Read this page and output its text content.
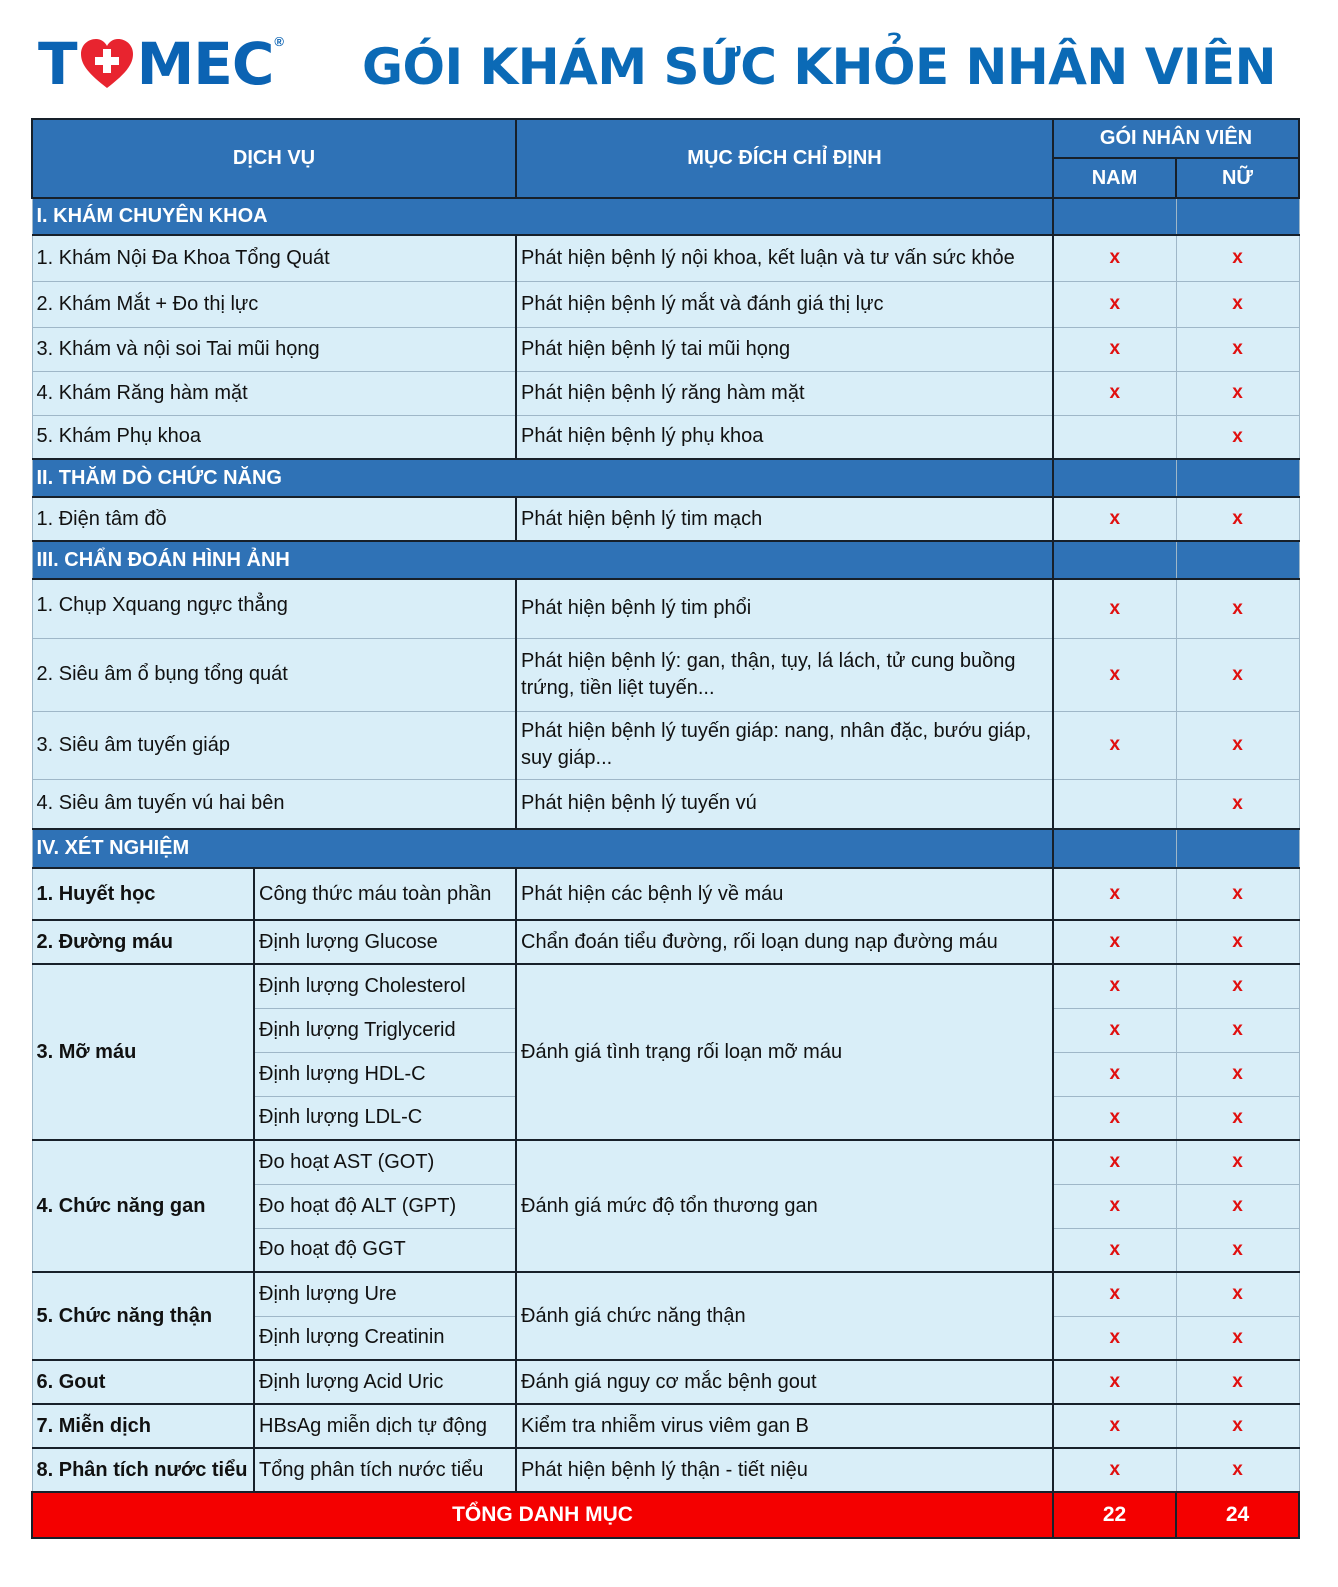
T MEC ® GÓI KHÁM SỨC KHỎE NHÂN VIÊN
DỊCH VỤ		MỤC ĐÍCH CHỈ ĐỊNH	GÓI NHÂN VIÊN	
			NAM	NỮ
I. KHÁM CHUYÊN KHOA				
1. Khám Nội Đa Khoa Tổng Quát		Phát hiện bệnh lý nội khoa, kết luận và tư vấn sức khỏe	x	x
2. Khám Mắt + Đo thị lực		Phát hiện bệnh lý mắt và đánh giá thị lực	x	x
3. Khám và nội soi Tai mũi họng		Phát hiện bệnh lý tai mũi họng	x	x
4. Khám Răng hàm mặt		Phát hiện bệnh lý răng hàm mặt	x	x
5. Khám Phụ khoa		Phát hiện bệnh lý phụ khoa		x
II. THĂM DÒ CHỨC NĂNG				
1. Điện tâm đồ		Phát hiện bệnh lý tim mạch	x	x
III. CHẨN ĐOÁN HÌNH ẢNH				
1. Chụp Xquang ngực thẳng		Phát hiện bệnh lý tim phổi	x	x
2. Siêu âm ổ bụng tổng quát		Phát hiện bệnh lý: gan, thận, tụy, lá lách, tử cung buồng trứng, tiền liệt tuyến...	x	x
3. Siêu âm tuyến giáp		Phát hiện bệnh lý tuyến giáp: nang, nhân đặc, bướu giáp, suy giáp...	x	x
4. Siêu âm tuyến vú hai bên		Phát hiện bệnh lý tuyến vú		x
IV. XÉT NGHIỆM				
1. Huyết học	Công thức máu toàn phần	Phát hiện các bệnh lý về máu	x	x
2. Đường máu	Định lượng Glucose	Chẩn đoán tiểu đường, rối loạn dung nạp đường máu	x	x
3. Mỡ máu	Định lượng Cholesterol	Đánh giá tình trạng rối loạn mỡ máu	x	x
	Định lượng Triglycerid		x	x
	Định lượng HDL-C		x	x
	Định lượng LDL-C		x	x
4. Chức năng gan	Đo hoạt AST (GOT)	Đánh giá mức độ tổn thương gan	x	x
	Đo hoạt độ ALT (GPT)		x	x
	Đo hoạt độ GGT		x	x
5. Chức năng thận	Định lượng Ure	Đánh giá chức năng thận	x	x
	Định lượng Creatinin		x	x
6. Gout	Định lượng Acid Uric	Đánh giá nguy cơ mắc bệnh gout	x	x
7. Miễn dịch	HBsAg miễn dịch tự động	Kiểm tra nhiễm virus viêm gan B	x	x
8. Phân tích nước tiểu	Tổng phân tích nước tiểu	Phát hiện bệnh lý thận - tiết niệu	x	x
TỔNG DANH MỤC			22	24
